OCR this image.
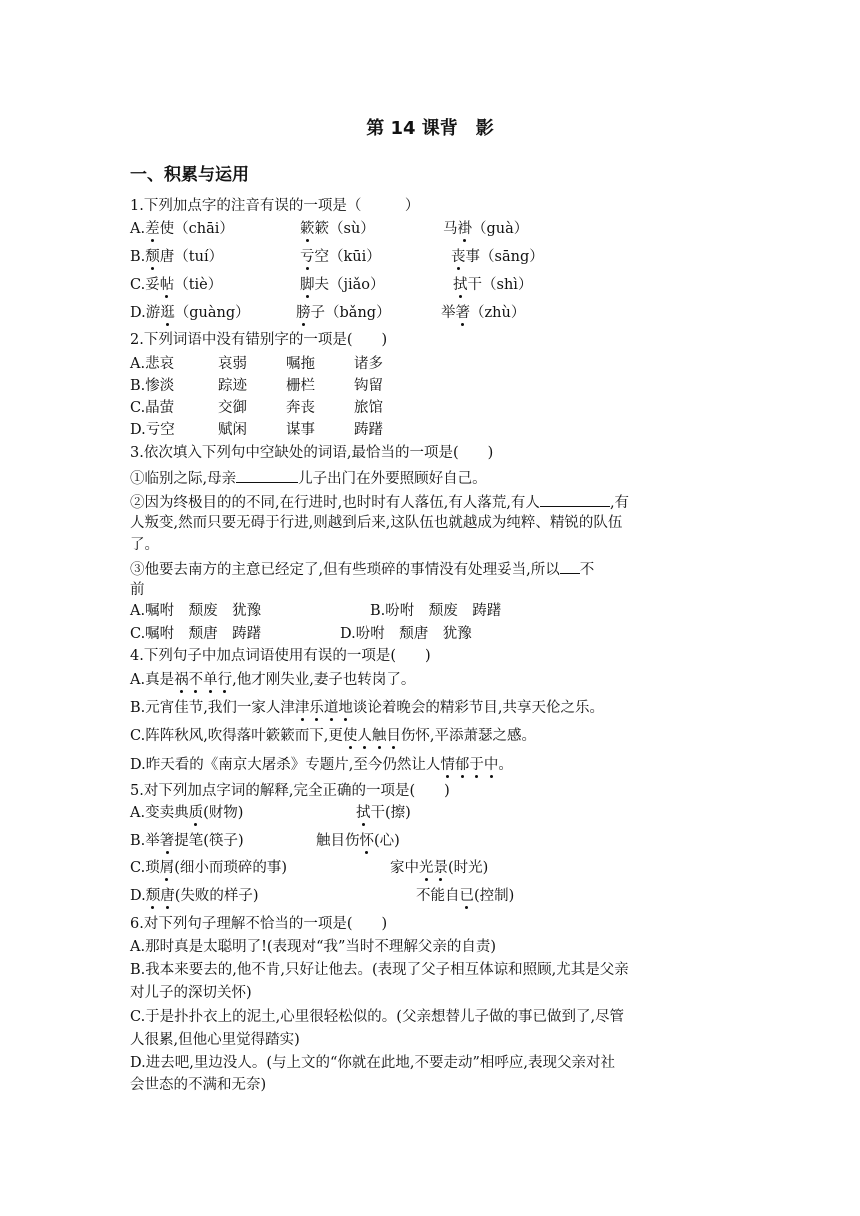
第 14 课背　影
一、积累与运用
1.下列加点字的注音有误的一项是（　　　）
A.差使（chāi）	簌簌（sù）	马褂（guà）
B.颓唐（tuí）	亏空（kūi）	丧事（sāng）
C.妥帖（tiè）	脚夫（jiǎo）	拭干（shì）
D.游逛（guàng）	膀子（bǎng）	举箸（zhù）
2.下列词语中没有错别字的一项是(　　)
A.悲哀	哀弱	嘱拖	诸多
B.惨淡	踪迹	栅栏	钩留
C.晶萤	交御	奔丧	旅馆
D.亏空	赋闲	谋事	踌躇
3.依次填入下列句中空缺处的词语,最恰当的一项是(　　)
①临别之际,母亲	儿子出门在外要照顾好自己。
②因为终极目的的不同,在行进时,也时时有人落伍,有人落荒,有人	,有
人叛变,然而只要无碍于行进,则越到后来,这队伍也就越成为纯粹、精锐的队伍
了。
③他要去南方的主意已经定了,但有些琐碎的事情没有处理妥当,所以 不
前
A.嘱咐　颓废　犹豫	B.吩咐　颓废　踌躇
C.嘱咐　颓唐　踌躇	D.吩咐　颓唐　犹豫
4.下列句子中加点词语使用有误的一项是(　　)
A.真是祸不单行,他才刚失业,妻子也转岗了。
B.元宵佳节,我们一家人津津乐道地谈论着晚会的精彩节目,共享天伦之乐。
C.阵阵秋风,吹得落叶簌簌而下,更使人触目伤怀,平添萧瑟之感。
D.昨天看的《南京大屠杀》专题片,至今仍然让人情郁于中。
5.对下列加点字词的解释,完全正确的一项是(　　)
A.变卖典质(财物)	拭干(擦)
B.举箸提笔(筷子)	触目伤怀(心)
C.琐屑(细小而琐碎的事)	家中光景(时光)
D.颓唐(失败的样子)	不能自已(控制)
6.对下列句子理解不恰当的一项是(　　)
A.那时真是太聪明了!(表现对“我”当时不理解父亲的自责)
B.我本来要去的,他不肯,只好让他去。(表现了父子相互体谅和照顾,尤其是父亲
对儿子的深切关怀)
C.于是扑扑衣上的泥土,心里很轻松似的。(父亲想替儿子做的事已做到了,尽管
人很累,但他心里觉得踏实)
D.进去吧,里边没人。(与上文的“你就在此地,不要走动”相呼应,表现父亲对社
会世态的不满和无奈)
